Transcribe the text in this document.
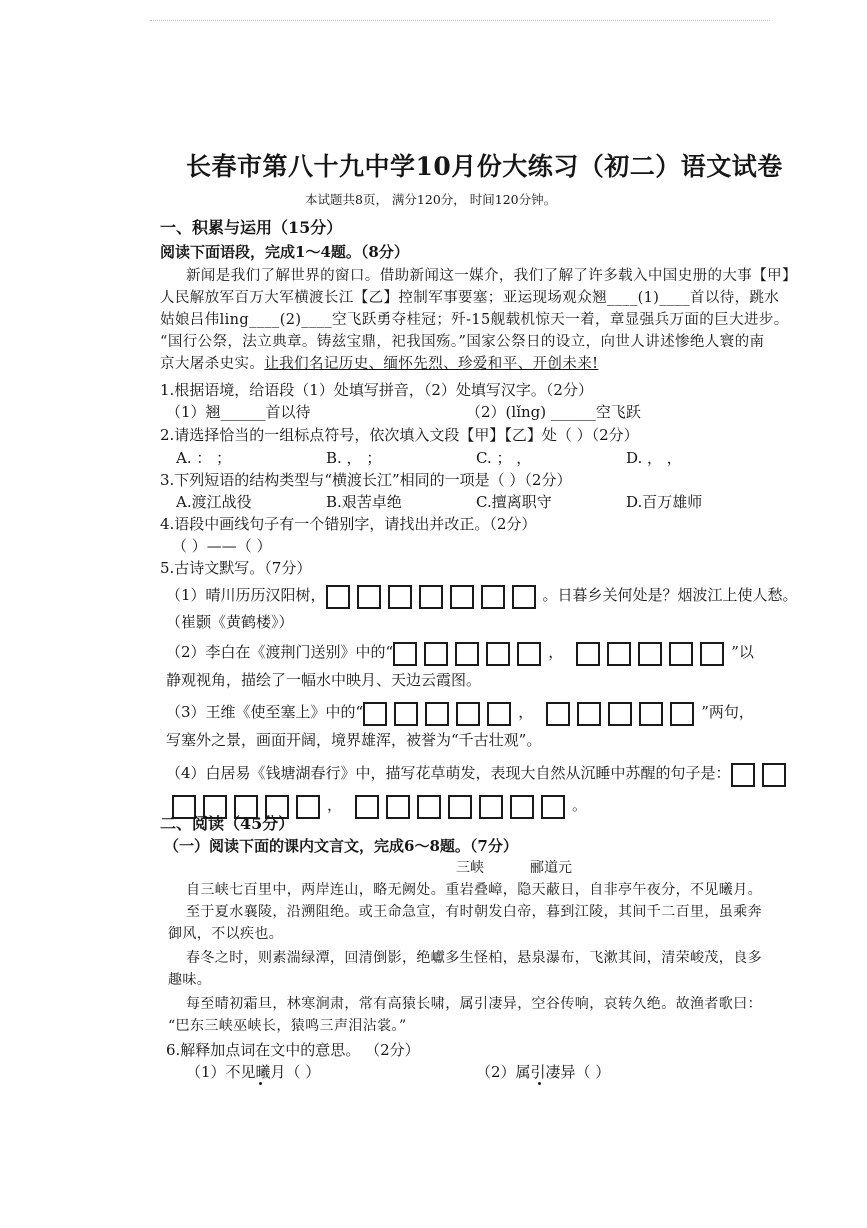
长春市第八十九中学10月份大练习（初二）语文试卷
本试题共8页， 满分120分， 时间120分钟。
一、积累与运用（15分）
阅读下面语段，完成1～4题。（8分）
新闻是我们了解世界的窗口。借助新闻这一媒介，我们了解了许多载入中国史册的大事【甲】
人民解放军百万大军横渡长江【乙】控制军事要塞；亚运现场观众翘____(1)____首以待，跳水
姑娘吕伟ling____(2)____空飞跃勇夺桂冠；歼-15舰载机惊天一着，章显强兵万面的巨大进步。
“国行公祭，法立典章。铸兹宝鼎，祀我国殇。”国家公祭日的设立，向世人讲述惨绝人寰的南
京大屠杀史实。让我们名记历史、缅怀先烈、珍爱和平、开创未来!
1.根据语境，给语段（1）处填写拼音，（2）处填写汉字。（2分）
（1）翘______首以待	（2）(lǐng) ______空飞跃
2.请选择恰当的一组标点符号，依次填入文段【甲】【乙】处（ ）（2分）
A. ： ；	B. ， ；	C. ； ，	D. ， ，
3.下列短语的结构类型与“横渡长江”相同的一项是（ ）（2分）
A.渡江战役	B.艰苦卓绝	C.擅离职守	D.百万雄师
4.语段中画线句子有一个错别字，请找出并改正。（2分）
（ ）——（ ）
5.古诗文默写。（7分）
（1）晴川历历汉阳树，	。日暮乡关何处是？烟波江上使人愁。
（崔颢《黄鹤楼》）
（2）李白在《渡荆门送别》中的“	，	”以
静观视角，描绘了一幅水中映月、天边云霞图。
（3）王维《使至塞上》中的“	，	”两句，
写塞外之景，画面开阔，境界雄浑，被誉为“千古壮观”。
（4）白居易《钱塘湖春行》中，描写花草萌发，表现大自然从沉睡中苏醒的句子是：
，	。
二、阅读（45分）
（一）阅读下面的课内文言文，完成6～8题。（7分）
三峡	郦道元
自三峡七百里中，两岸连山，略无阙处。重岩叠嶂，隐天蔽日，自非亭午夜分，不见曦月。
至于夏水襄陵，沿溯阻绝。或王命急宣，有时朝发白帝，暮到江陵，其间千二百里，虽乘奔
御风，不以疾也。
春冬之时，则素湍绿潭，回清倒影，绝巘多生怪柏，悬泉瀑布，飞漱其间，清荣峻茂，良多
趣味。
每至晴初霜旦，林寒涧肃，常有高猿长啸，属引凄异，空谷传响，哀转久绝。故渔者歌曰：
“巴东三峡巫峡长，猿鸣三声泪沾裳。”
6.解释加点词在文中的意思。 （2分）
（1）不见曦月（ ）	（2）属引凄异（ ）
